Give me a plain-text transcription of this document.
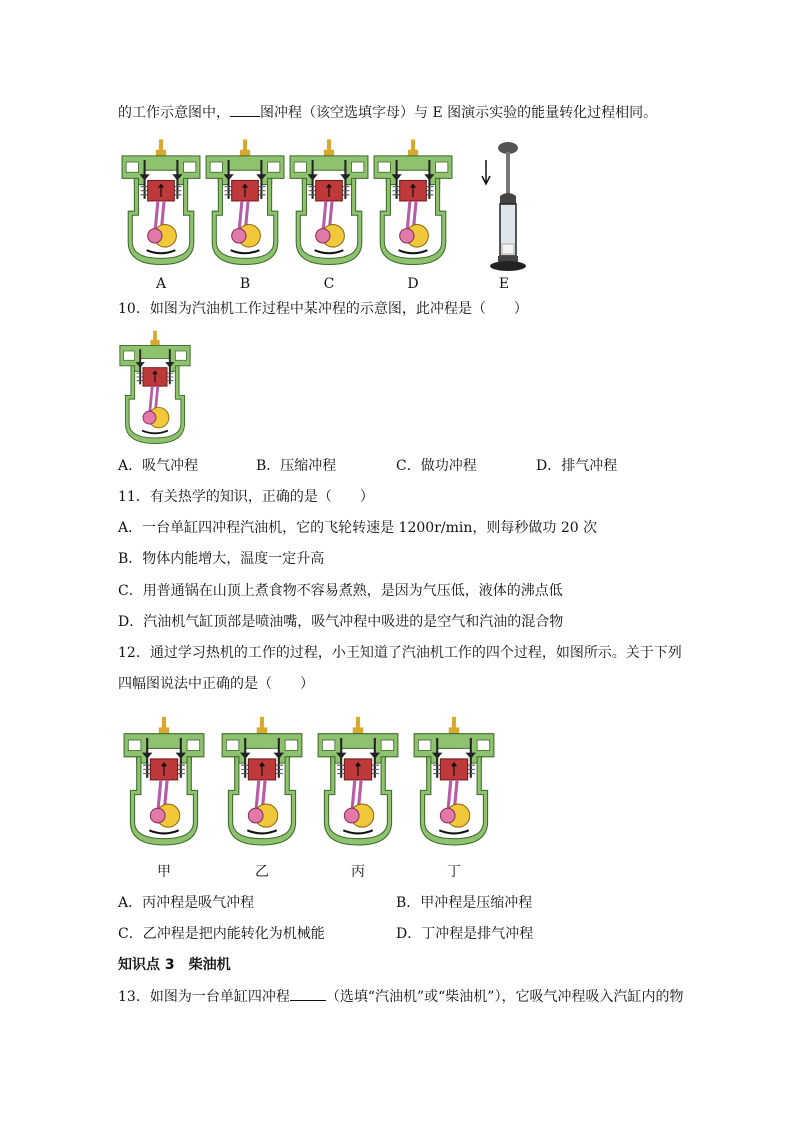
的工作示意图中， 图冲程（该空选填字母）与 E 图演示实验的能量转化过程相同。
A	B	C	D	E
10．如图为汽油机工作过程中某冲程的示意图，此冲程是（　　）
A．吸气冲程	B．压缩冲程	C．做功冲程	D．排气冲程
11．有关热学的知识，正确的是（　　）
A．一台单缸四冲程汽油机，它的飞轮转速是 1200r/min，则每秒做功 20 次
B．物体内能增大，温度一定升高
C．用普通锅在山顶上煮食物不容易煮熟，是因为气压低，液体的沸点低
D．汽油机气缸顶部是喷油嘴，吸气冲程中吸进的是空气和汽油的混合物
12．通过学习热机的工作的过程，小王知道了汽油机工作的四个过程，如图所示。关于下列
四幅图说法中正确的是（　　）
甲	乙	丙	丁
A．丙冲程是吸气冲程	B．甲冲程是压缩冲程
C．乙冲程是把内能转化为机械能	D．丁冲程是排气冲程
知识点 3　柴油机
13．如图为一台单缸四冲程	（选填“汽油机”或“柴油机”），它吸气冲程吸入汽缸内的物
